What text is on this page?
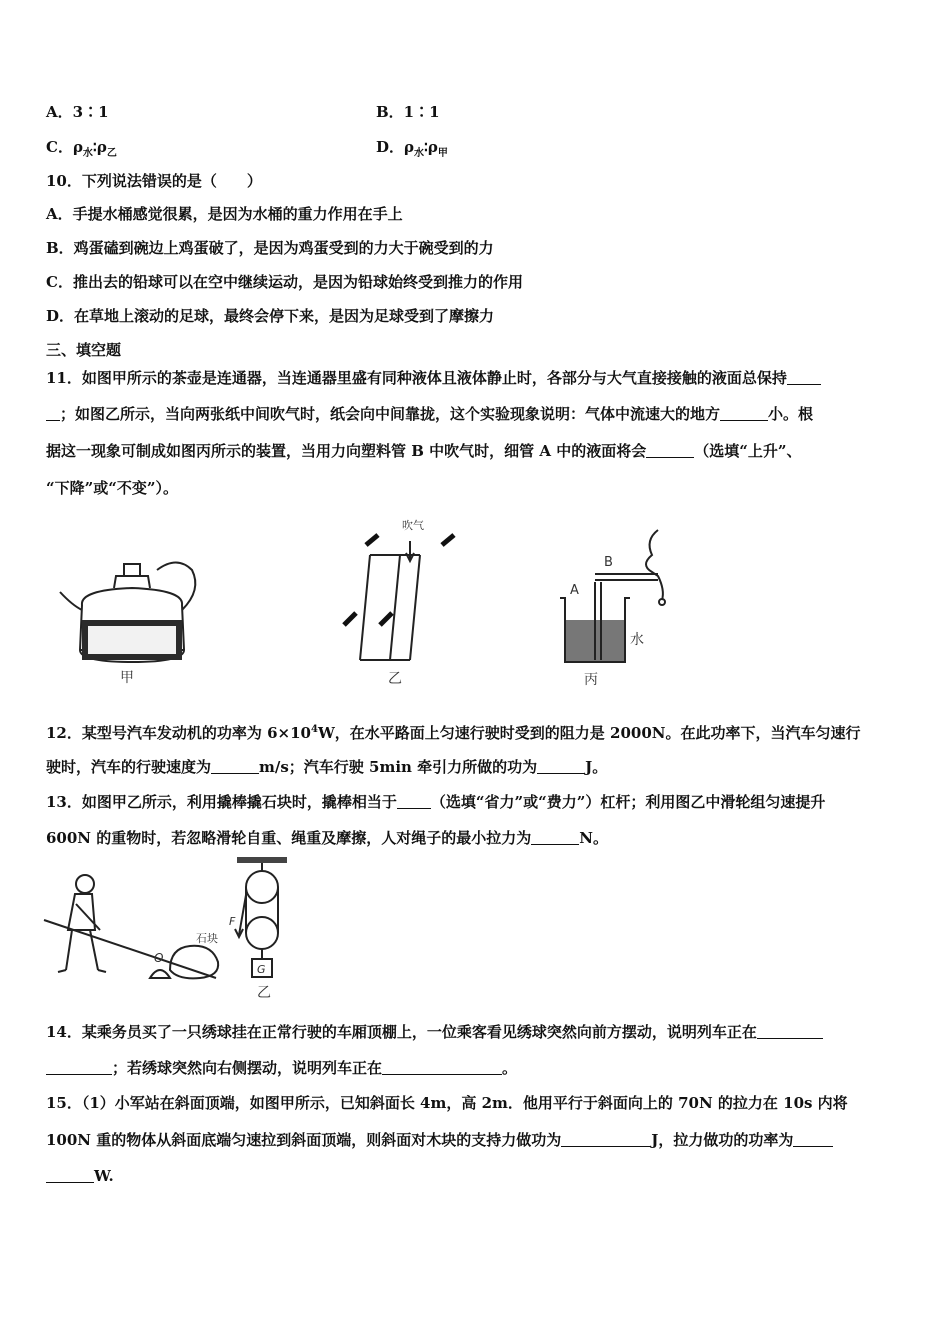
A．3∶1	B．1∶1
C．$\rho_水∶\rho_乙$	D．$\rho_水∶\rho_甲$
10．下列说法错误的是（　　）
A．手提水桶感觉很累，是因为水桶的重力作用在手上
B．鸡蛋磕到碗边上鸡蛋破了，是因为鸡蛋受到的力大于碗受到的力
C．推出去的铅球可以在空中继续运动，是因为铅球始终受到推力的作用
D．在草地上滚动的足球，最终会停下来，是因为足球受到了摩擦力
三、填空题
11．如图甲所示的茶壶是连通器，当连通器里盛有同种液体且液体静止时，各部分与大气直接接触的液面总保持
；如图乙所示，当向两张纸中间吹气时，纸会向中间靠拢，这个实验现象说明：气体中流速大的地方	小。根
据这一现象可制成如图丙所示的装置，当用力向塑料管 B 中吹气时，细管 A 中的液面将会	（选填“上升”、
“下降”或“不变”）。
甲
吹气
乙
A
B
水
丙
12．某型号汽车发动机的功率为 $6\times 10^4W$，在水平路面上匀速行驶时受到的阻力是 2000N。在此功率下，当汽车匀速行
驶时，汽车的行驶速度为	m/s；汽车行驶 5min 牵引力所做的功为	J。
13．如图甲乙所示，利用撬棒撬石块时，撬棒相当于 （选填“省力”或“费力”）杠杆；利用图乙中滑轮组匀速提升
600N 的重物时，若忽略滑轮自重、绳重及摩擦，人对绳子的最小拉力为	N。
O
石块
F
G
乙
14．某乘务员买了一只绣球挂在正常行驶的车厢顶棚上，一位乘客看见绣球突然向前方摆动，说明列车正在
；若绣球突然向右侧摆动，说明列车正在	。
15．（1）小军站在斜面顶端，如图甲所示，已知斜面长 4m，高 2m．他用平行于斜面向上的 70N 的拉力在 10s 内将
100N 重的物体从斜面底端匀速拉到斜面顶端，则斜面对木块的支持力做功为	J，拉力做功的功率为
W.
